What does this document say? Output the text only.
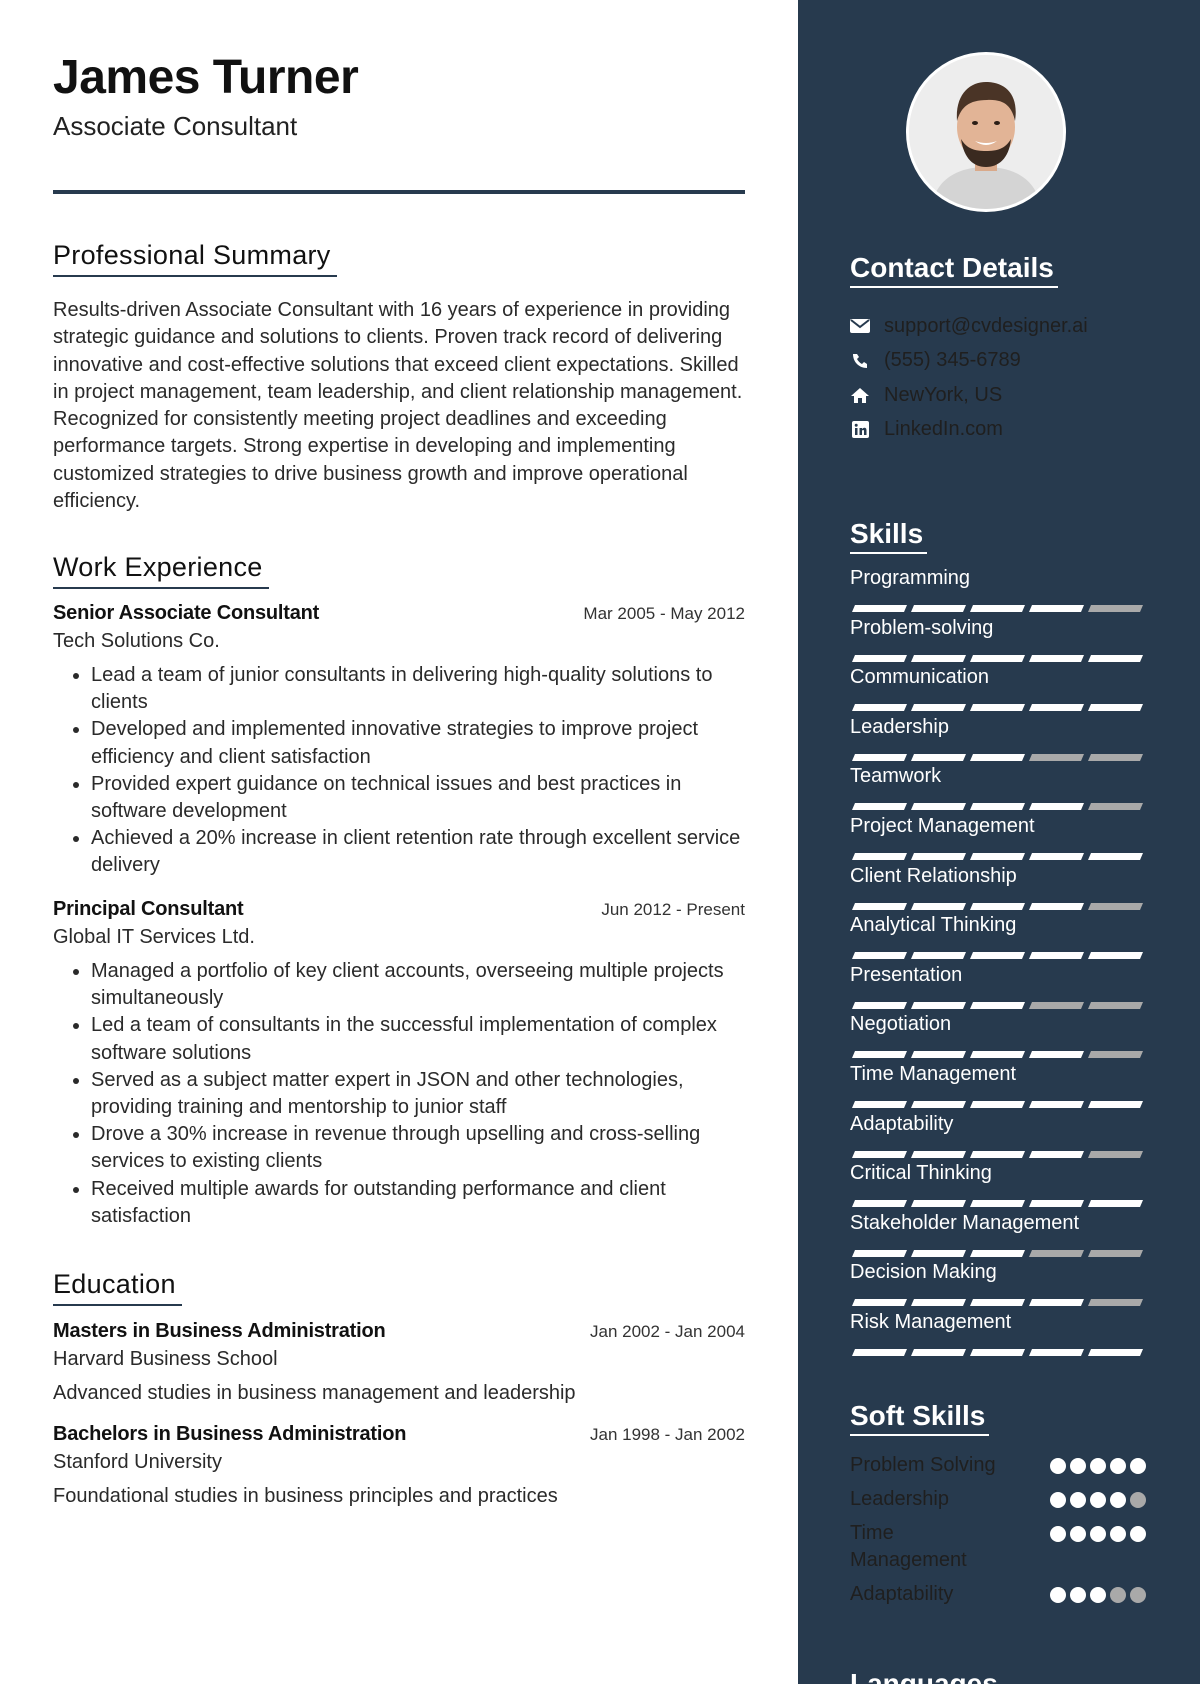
James Turner
Associate Consultant
Professional Summary

Results-driven Associate Consultant with 16 years of experience in providing strategic guidance and solutions to clients. Proven track record of delivering innovative and cost-effective solutions that exceed client expectations. Skilled in project management, team leadership, and client relationship management. Recognized for consistently meeting project deadlines and exceeding performance targets. Strong expertise in developing and implementing customized strategies to drive business growth and improve operational efficiency.

Work Experience
Senior Associate Consultant	Mar 2005 - May 2012
Tech Solutions Co.
• Lead a team of junior consultants in delivering high-quality solutions to clients
• Developed and implemented innovative strategies to improve project efficiency and client satisfaction
• Provided expert guidance on technical issues and best practices in software development
• Achieved a 20% increase in client retention rate through excellent service delivery
Principal Consultant	Jun 2012 - Present
Global IT Services Ltd.
• Managed a portfolio of key client accounts, overseeing multiple projects simultaneously
• Led a team of consultants in the successful implementation of complex software solutions
• Served as a subject matter expert in JSON and other technologies, providing training and mentorship to junior staff
• Drove a 30% increase in revenue through upselling and cross-selling services to existing clients
• Received multiple awards for outstanding performance and client satisfaction
Education
Masters in Business Administration	Jan 2002 - Jan 2004
Harvard Business School
Advanced studies in business management and leadership
Bachelors in Business Administration	Jan 1998 - Jan 2002
Stanford University
Foundational studies in business principles and practices
Contact Details
support@cvdesigner.ai
(555) 345-6789
NewYork, US
LinkedIn.com
Skills
Programming
Problem-solving
Communication
Leadership
Teamwork
Project Management
Client Relationship
Analytical Thinking
Presentation
Negotiation
Time Management
Adaptability
Critical Thinking
Stakeholder Management
Decision Making
Risk Management
Soft Skills
Problem Solving
Leadership
Time Management
Adaptability
Languages
